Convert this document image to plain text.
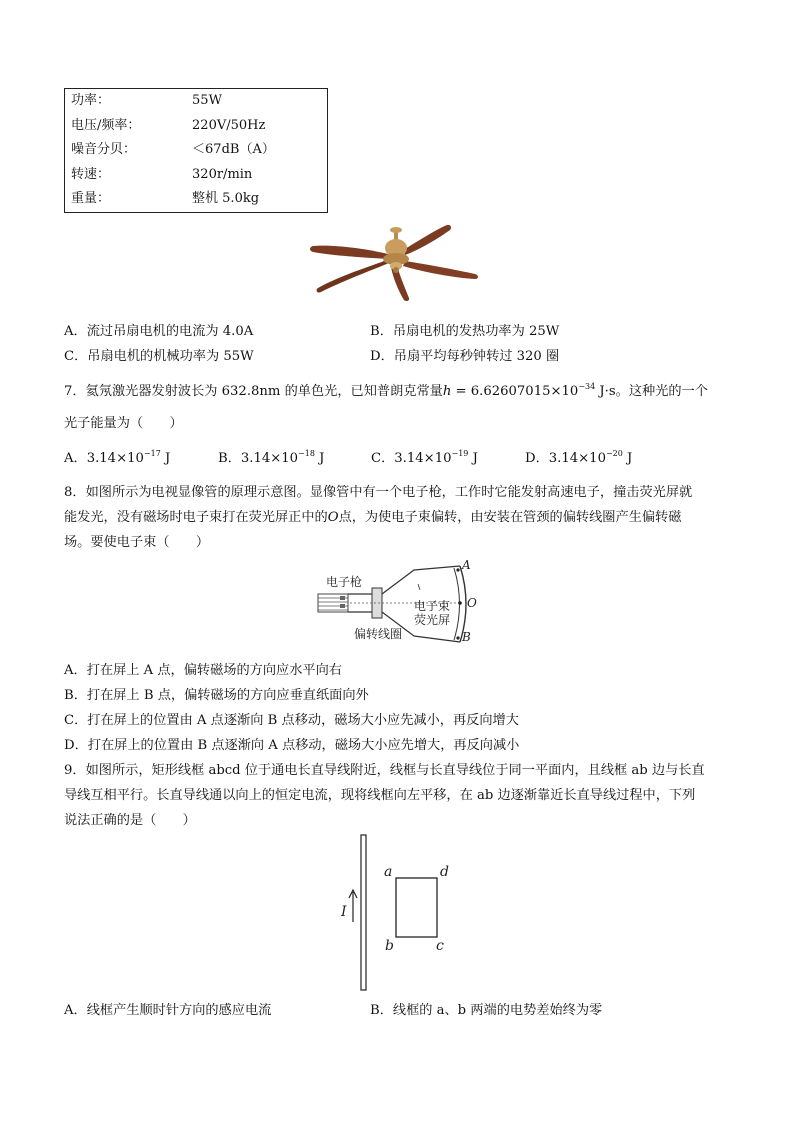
功率：	55W
电压/频率：	220V/50Hz
噪音分贝：	＜67dB（A）
转速：	320r/min
重量：	整机 5.0kg
A．流过吊扇电机的电流为 4.0A	B．吊扇电机的发热功率为 25W
C．吊扇电机的机械功率为 55W	D．吊扇平均每秒钟转过 320 圈
7．氦氖激光器发射波长为 632.8nm 的单色光，已知普朗克常量$h = 6.62607015\times 10^{-34}$ J·s。这种光的一个
光子能量为（　　）
A．$3.14\times 10^{-17}$ J	B．$3.14\times 10^{-18}$ J	C．$3.14\times 10^{-19}$ J	D．$3.14\times 10^{-20}$ J
8．如图所示为电视显像管的原理示意图。显像管中有一个电子枪，工作时它能发射高速电子，撞击荧光屏就
能发光，没有磁场时电子束打在荧光屏正中的O点，为使电子束偏转，由安装在管颈的偏转线圈产生偏转磁
场。要使电子束（　　）
电子枪
电子束
荧光屏
偏转线圈
A
O
B
A．打在屏上 A 点，偏转磁场的方向应水平向右
B．打在屏上 B 点，偏转磁场的方向应垂直纸面向外
C．打在屏上的位置由 A 点逐渐向 B 点移动，磁场大小应先减小，再反向增大
D．打在屏上的位置由 B 点逐渐向 A 点移动，磁场大小应先增大，再反向减小
9．如图所示，矩形线框 abcd 位于通电长直导线附近，线框与长直导线位于同一平面内，且线框 ab 边与长直
导线互相平行。长直导线通以向上的恒定电流，现将线框向左平移，在 ab 边逐渐靠近长直导线过程中，下列
说法正确的是（　　）
I
a	d
b	c
A．线框产生顺时针方向的感应电流	B．线框的 a、b 两端的电势差始终为零
